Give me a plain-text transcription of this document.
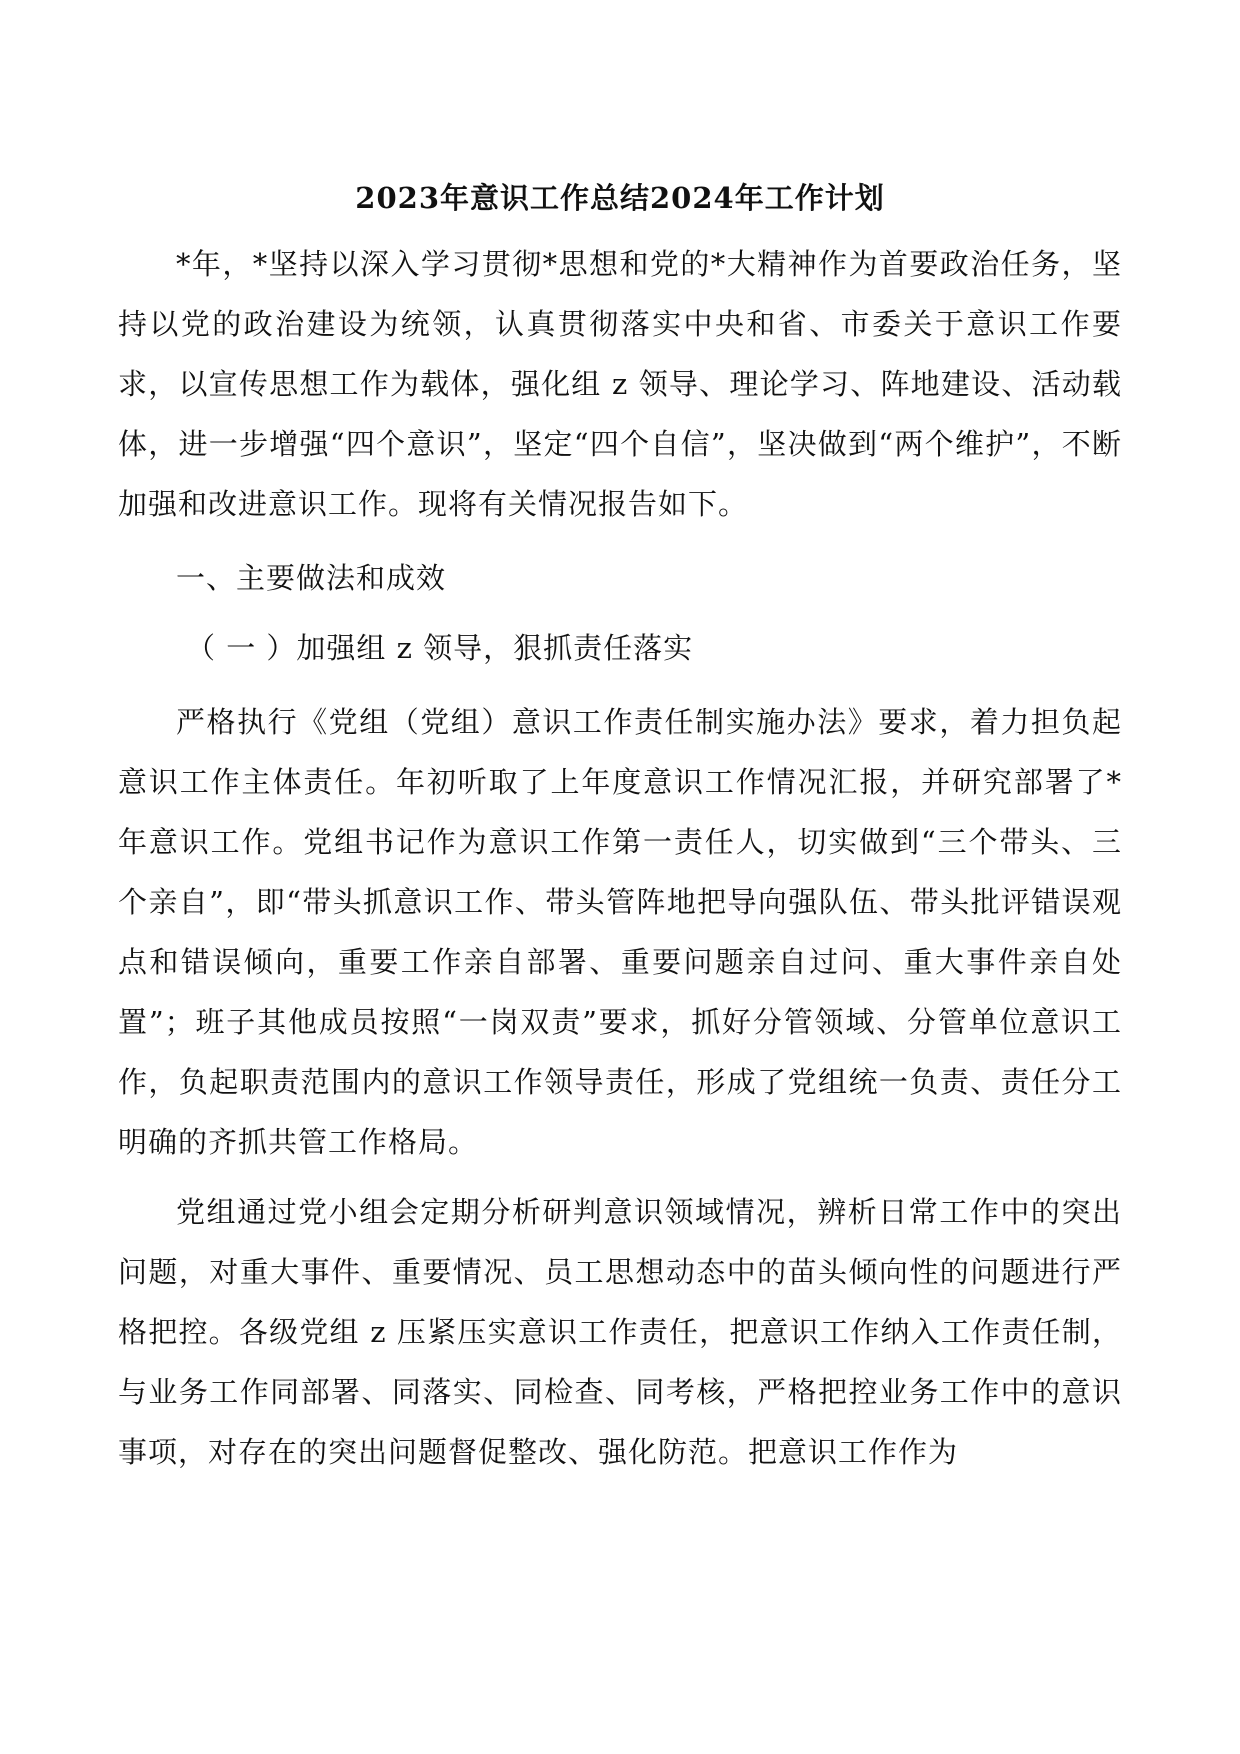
2023年意识工作总结2024年工作计划

*年，*坚持以深入学习贯彻*思想和党的*大精神作为首要政治任务，坚持以党的政治建设为统领，认真贯彻落实中央和省、市委关于意识工作要求，以宣传思想工作为载体，强化组 z 领导、理论学习、阵地建设、活动载体，进一步增强“四个意识”，坚定“四个自信”，坚决做到“两个维护”，不断加强和改进意识工作。现将有关情况报告如下。

一、主要做法和成效

（ 一 ）加强组 z 领导，狠抓责任落实

严格执行《党组（党组）意识工作责任制实施办法》要求，着力担负起意识工作主体责任。年初听取了上年度意识工作情况汇报，并研究部署了*年意识工作。党组书记作为意识工作第一责任人，切实做到“三个带头、三个亲自”，即“带头抓意识工作、带头管阵地把导向强队伍、带头批评错误观点和错误倾向，重要工作亲自部署、重要问题亲自过问、重大事件亲自处置”；班子其他成员按照“一岗双责”要求，抓好分管领域、分管单位意识工作，负起职责范围内的意识工作领导责任，形成了党组统一负责、责任分工明确的齐抓共管工作格局。

党组通过党小组会定期分析研判意识领域情况，辨析日常工作中的突出问题，对重大事件、重要情况、员工思想动态中的苗头倾向性的问题进行严格把控。各级党组 z 压紧压实意识工作责任，把意识工作纳入工作责任制，与业务工作同部署、同落实、同检查、同考核，严格把控业务工作中的意识事项，对存在的突出问题督促整改、强化防范。把意识工作作为
